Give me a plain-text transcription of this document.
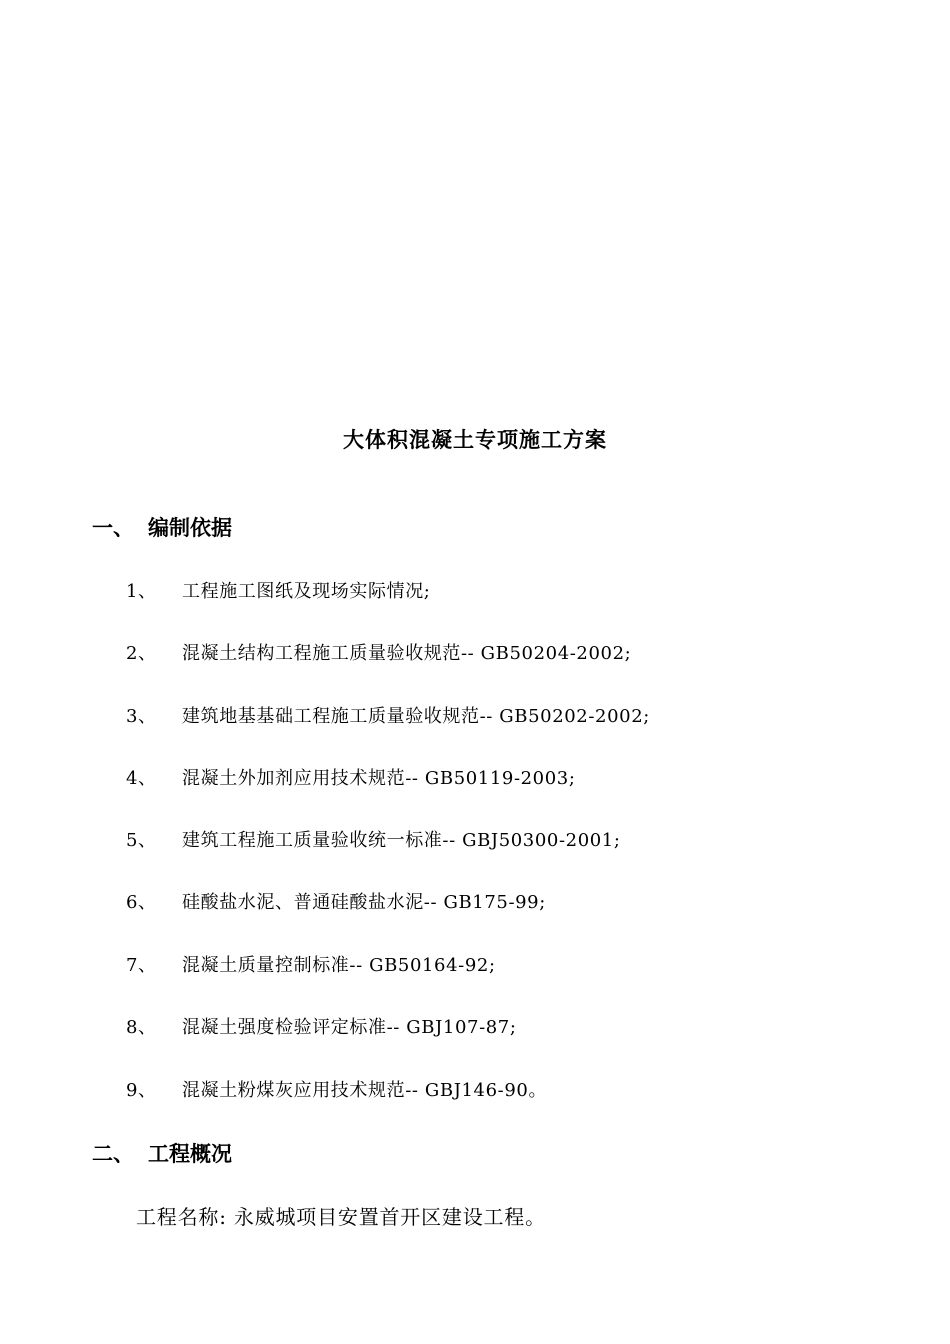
大体积混凝土专项施工方案
一、 编制依据
1、 工程施工图纸及现场实际情况;
2、 混凝土结构工程施工质量验收规范-- GB50204-2002;
3、 建筑地基基础工程施工质量验收规范-- GB50202-2002;
4、 混凝土外加剂应用技术规范-- GB50119-2003;
5、 建筑工程施工质量验收统一标准-- GBJ50300-2001;
6、 硅酸盐水泥、普通硅酸盐水泥-- GB175-99;
7、 混凝土质量控制标准-- GB50164-92;
8、 混凝土强度检验评定标准-- GBJ107-87;
9、 混凝土粉煤灰应用技术规范-- GBJ146-90。
二、 工程概况
工程名称: 永威城项目安置首开区建设工程。
